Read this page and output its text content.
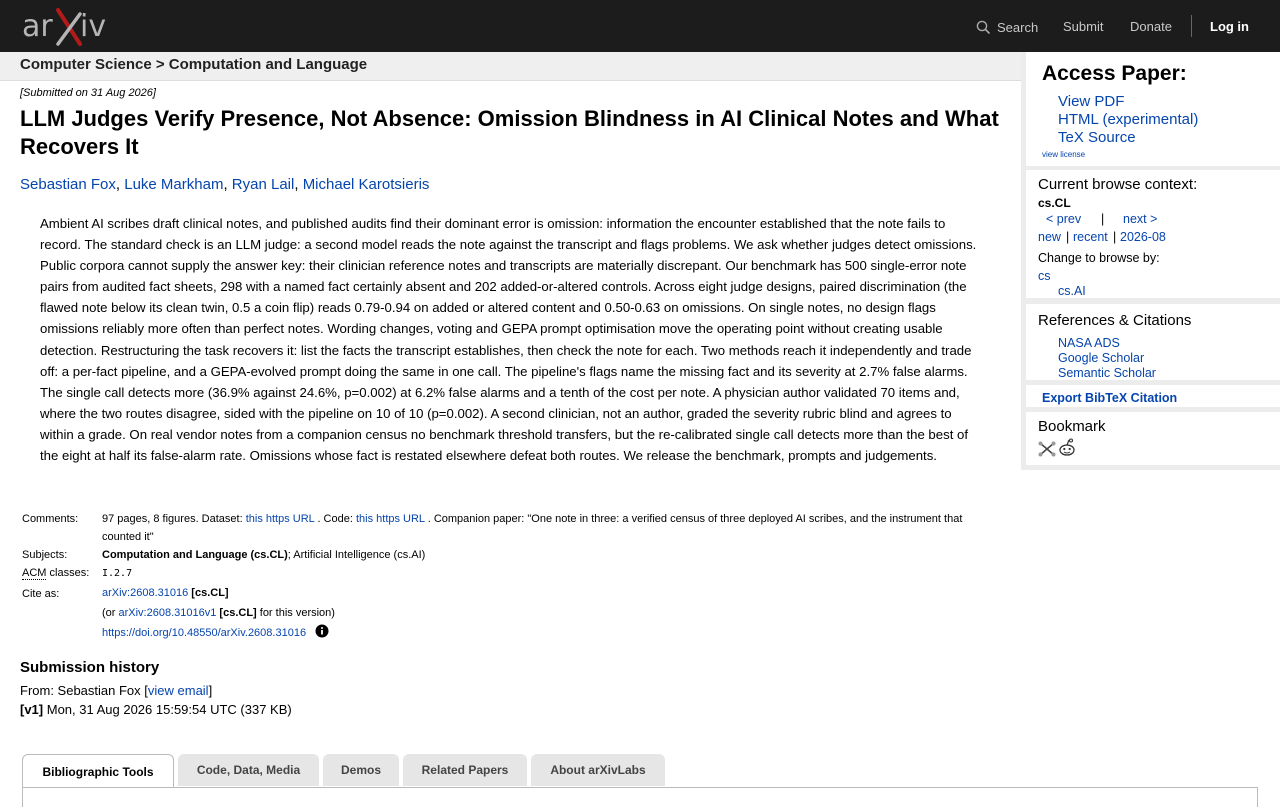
ar iv	Search Submit Donate	Log in
Computer Science > Computation and Language
[Submitted on 31 Aug 2026]
LLM Judges Verify Presence, Not Absence: Omission Blindness in AI Clinical Notes and What Recovers It
Sebastian Fox, Luke Markham, Ryan Lail, Michael Karotsieris

Ambient AI scribes draft clinical notes, and published audits find their dominant error is omission: information the encounter established that the note fails to record. The standard check is an LLM judge: a second model reads the note against the transcript and flags problems. We ask whether judges detect omissions. Public corpora cannot supply the answer key: their clinician reference notes and transcripts are materially discrepant. Our benchmark has 500 single-error note pairs from audited fact sheets, 298 with a named fact certainly absent and 202 added-or-altered controls. Across eight judge designs, paired discrimination (the flawed note below its clean twin, 0.5 a coin flip) reads 0.79-0.94 on added or altered content and 0.50-0.63 on omissions. On single notes, no design flags omissions reliably more often than perfect notes. Wording changes, voting and GEPA prompt optimisation move the operating point without creating usable detection. Restructuring the task recovers it: list the facts the transcript establishes, then check the note for each. Two methods reach it independently and trade off: a per-fact pipeline, and a GEPA-evolved prompt doing the same in one call. The pipeline's flags name the missing fact and its severity at 2.7% false alarms. The single call detects more (36.9% against 24.6%, p=0.002) at 6.2% false alarms and a tenth of the cost per note. A physician author validated 70 items and, where the two routes disagree, sided with the pipeline on 10 of 10 (p=0.002). A second clinician, not an author, graded the severity rubric blind and agrees to within a grade. On real vendor notes from a companion census no benchmark threshold transfers, but the re-calibrated single call detects more than the best of the eight at half its false-alarm rate. Omissions whose fact is restated elsewhere defeat both routes. We release the benchmark, prompts and judgements.

Comments:	97 pages, 8 figures. Dataset: this https URL . Code: this https URL . Companion paper: "One note in three: a verified census of three deployed AI scribes, and the instrument that counted it"
Subjects:	Computation and Language (cs.CL); Artificial Intelligence (cs.AI)
ACM classes:	I.2.7
Cite as:	arXiv:2608.31016 [cs.CL]
(or arXiv:2608.31016v1 [cs.CL] for this version)
https://doi.org/10.48550/arXiv.2608.31016
Submission history
From: Sebastian Fox [view email]
[v1] Mon, 31 Aug 2026 15:59:54 UTC (337 KB)
Bibliographic Tools	Code, Data, Media	Demos	Related Papers	About arXivLabs
Access Paper:
View PDF
HTML (experimental)
TeX Source
view license
Current browse context:
cs.CL
< prev | next >
new | recent | 2026-08
Change to browse by:
cs
cs.AI
References & Citations
NASA ADS
Google Scholar
Semantic Scholar
Export BibTeX Citation
Bookmark
